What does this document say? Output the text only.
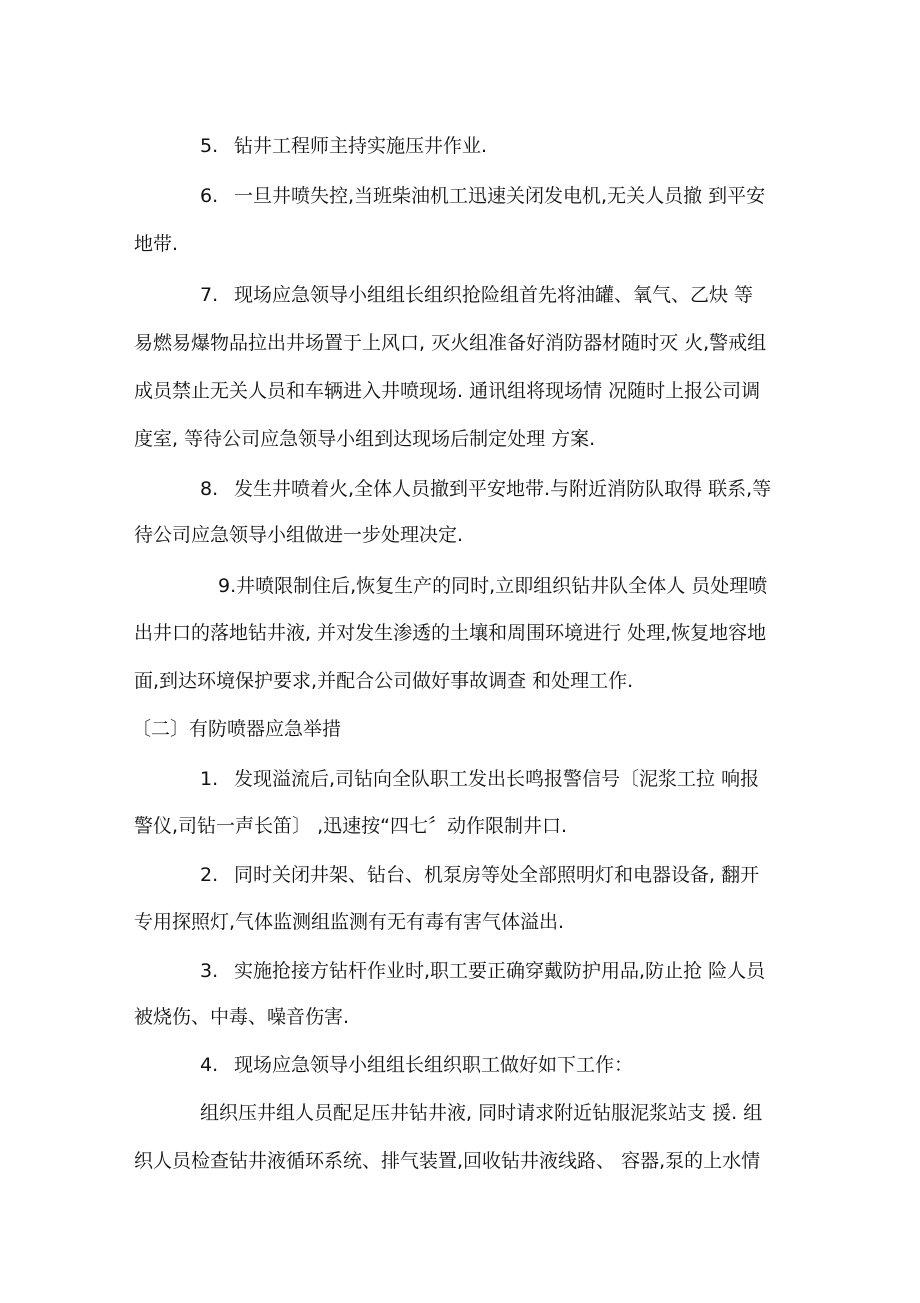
5. 钻井工程师主持实施压井作业.
6. 一旦井喷失控,当班柴油机工迅速关闭发电机,无关人员撤 到平安
地带.
7. 现场应急领导小组组长组织抢险组首先将油罐、氧气、乙炔 等
易燃易爆物品拉出井场置于上风口, 灭火组准备好消防器材随时灭 火,警戒组
成员禁止无关人员和车辆进入井喷现场. 通讯组将现场情 况随时上报公司调
度室, 等待公司应急领导小组到达现场后制定处理 方案.
8. 发生井喷着火,全体人员撤到平安地带.与附近消防队取得 联系,等
待公司应急领导小组做进一步处理决定.
9.井喷限制住后,恢复生产的同时,立即组织钻井队全体人 员处理喷
出井口的落地钻井液, 并对发生渗透的土壤和周围环境进行 处理,恢复地容地
面,到达环境保护要求,并配合公司做好事故调查 和处理工作.
〔二〕有防喷器应急举措
1. 发现溢流后,司钻向全队职工发出长鸣报警信号〔泥浆工拉 响报
警仪,司钻一声长笛〕 ,迅速按“四七〞动作限制井口.
2. 同时关闭井架、钻台、机泵房等处全部照明灯和电器设备, 翻开
专用探照灯,气体监测组监测有无有毒有害气体溢出.
3. 实施抢接方钻杆作业时,职工要正确穿戴防护用品,防止抢 险人员
被烧伤、中毒、噪音伤害.
4. 现场应急领导小组组长组织职工做好如下工作：
组织压井组人员配足压井钻井液, 同时请求附近钻服泥浆站支 援. 组
织人员检查钻井液循环系统、排气装置,回收钻井液线路、 容器,泵的上水情
